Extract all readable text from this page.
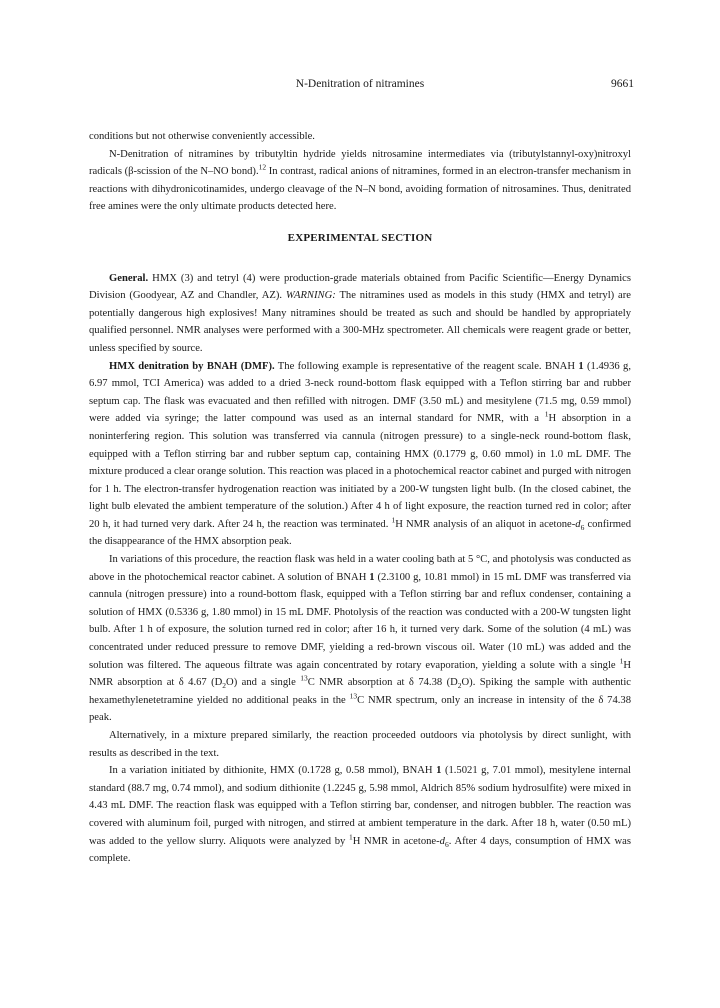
N-Denitration of nitramines	9661

conditions but not otherwise conveniently accessible.

N-Denitration of nitramines by tributyltin hydride yields nitrosamine intermediates via (tributylstannyl-oxy)nitroxyl radicals (β-scission of the N–NO bond).$^{12}$ In contrast, radical anions of nitramines, formed in an electron-transfer mechanism in reactions with dihydronicotinamides, undergo cleavage of the N–N bond, avoiding formation of nitrosamines. Thus, denitrated free amines were the only ultimate products detected here.

EXPERIMENTAL SECTION

General. HMX (3) and tetryl (4) were production-grade materials obtained from Pacific Scientific—Energy Dynamics Division (Goodyear, AZ and Chandler, AZ). WARNING: The nitramines used as models in this study (HMX and tetryl) are potentially dangerous high explosives! Many nitramines should be treated as such and should be handled by appropriately qualified personnel. NMR analyses were performed with a 300-MHz spectrometer. All chemicals were reagent grade or better, unless specified by source.

HMX denitration by BNAH (DMF). The following example is representative of the reagent scale. BNAH 1 (1.4936 g, 6.97 mmol, TCI America) was added to a dried 3-neck round-bottom flask equipped with a Teflon stirring bar and rubber septum cap. The flask was evacuated and then refilled with nitrogen. DMF (3.50 mL) and mesitylene (71.5 mg, 0.59 mmol) were added via syringe; the latter compound was used as an internal standard for NMR, with a $^1$H absorption in a noninterfering region. This solution was transferred via cannula (nitrogen pressure) to a single-neck round-bottom flask, equipped with a Teflon stirring bar and rubber septum cap, containing HMX (0.1779 g, 0.60 mmol) in 1.0 mL DMF. The mixture produced a clear orange solution. This reaction was placed in a photochemical reactor cabinet and purged with nitrogen for 1 h. The electron-transfer hydrogenation reaction was initiated by a 200-W tungsten light bulb. (In the closed cabinet, the light bulb elevated the ambient temperature of the solution.) After 4 h of light exposure, the reaction turned red in color; after 20 h, it had turned very dark. After 24 h, the reaction was terminated. $^1$H NMR analysis of an aliquot in acetone-$d_6$ confirmed the disappearance of the HMX absorption peak.

In variations of this procedure, the reaction flask was held in a water cooling bath at 5 °C, and photolysis was conducted as above in the photochemical reactor cabinet. A solution of BNAH 1 (2.3100 g, 10.81 mmol) in 15 mL DMF was transferred via cannula (nitrogen pressure) into a round-bottom flask, equipped with a Teflon stirring bar and reflux condenser, containing a solution of HMX (0.5336 g, 1.80 mmol) in 15 mL DMF. Photolysis of the reaction was conducted with a 200-W tungsten light bulb. After 1 h of exposure, the solution turned red in color; after 16 h, it turned very dark. Some of the solution (4 mL) was concentrated under reduced pressure to remove DMF, yielding a red-brown viscous oil. Water (10 mL) was added and the solution was filtered. The aqueous filtrate was again concentrated by rotary evaporation, yielding a solute with a single $^1$H NMR absorption at δ 4.67 $(D_2O)$ and a single $^{13}$C NMR absorption at δ 74.38 $(D_2O)$. Spiking the sample with authentic hexamethylenetetramine yielded no additional peaks in the $^{13}$C NMR spectrum, only an increase in intensity of the δ 74.38 peak.

Alternatively, in a mixture prepared similarly, the reaction proceeded outdoors via photolysis by direct sunlight, with results as described in the text.

In a variation initiated by dithionite, HMX (0.1728 g, 0.58 mmol), BNAH 1 (1.5021 g, 7.01 mmol), mesitylene internal standard (88.7 mg, 0.74 mmol), and sodium dithionite (1.2245 g, 5.98 mmol, Aldrich 85% sodium hydrosulfite) were mixed in 4.43 mL DMF. The reaction flask was equipped with a Teflon stirring bar, condenser, and nitrogen bubbler. The reaction was covered with aluminum foil, purged with nitrogen, and stirred at ambient temperature in the dark. After 18 h, water (0.50 mL) was added to the yellow slurry. Aliquots were analyzed by $^1$H NMR in acetone-$d_6$. After 4 days, consumption of HMX was complete.
